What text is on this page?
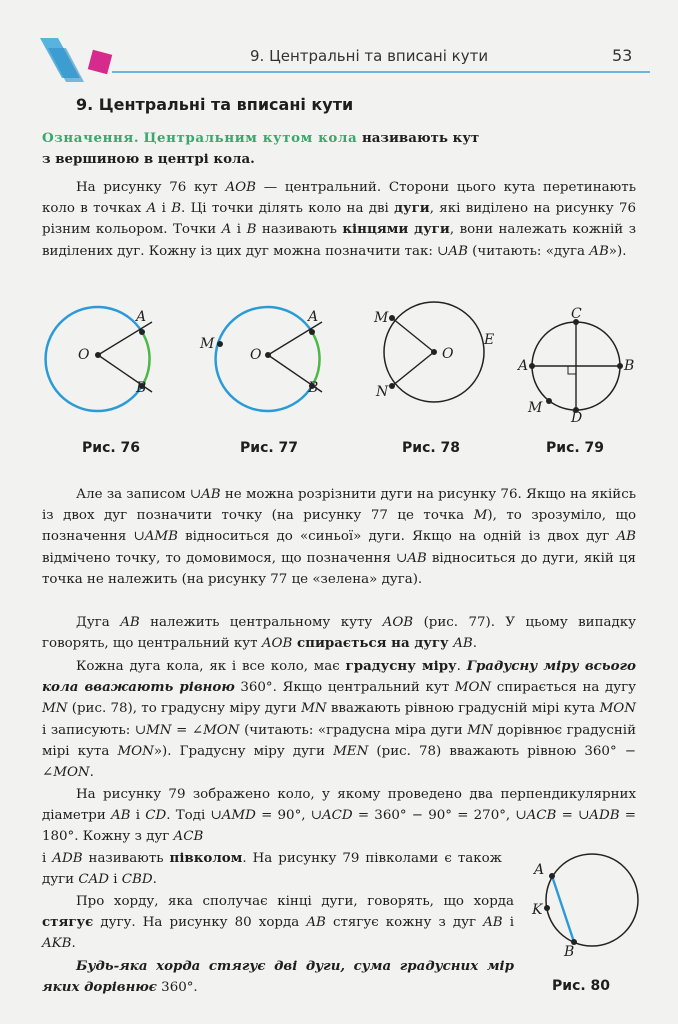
9. Центральні та вписані кути	53
9. Центральні та вписані кути

Означення. Центральним кутом кола називають кут
з вершиною в центрі кола.

На рисунку 76 кут AOB — центральний. Сторони цього кута перетинають коло в точках A і B. Ці точки ділять коло на дві дуги, які виділено на рисунку 76 різним кольором. Точки A і B називають кінцями дуги, вони належать кожній з виділених дуг. Кожну із цих дуг можна позначити так: ∪AB (читають: «дуга AB»).

A
O
B
Рис. 76
M
A
O
B
Рис. 77
M
O
E
N
Рис. 78
C
A	B
M
D
Рис. 79

Але за записом ∪AB не можна розрізнити дуги на рисунку 76. Якщо на якійсь із двох дуг позначити точку (на рисунку 77 це точка M), то зрозуміло, що позначення ∪AMB відноситься до «синьої» дуги. Якщо на одній із двох дуг AB відмічено точку, то домовимося, що позначення ∪AB відноситься до дуги, якій ця точка не належить (на рисунку 77 це «зелена» дуга).

Дуга AB належить центральному куту AOB (рис. 77). У цьому випадку говорять, що центральний кут AOB спирається на дугу AB.

Кожна дуга кола, як і все коло, має градусну міру. Градусну міру всього кола вважають рівною 360°. Якщо центральний кут MON спирається на дугу MN (рис. 78), то градусну міру дуги MN вважають рівною градусній мірі кута MON і записують: ∪MN = ∠MON (читають: «градусна міра дуги MN дорівнює градусній мірі кута MON»). Градусну міру дуги MEN (рис. 78) вважають рівною 360° − ∠MON.

На рисунку 79 зображено коло, у якому проведено два перпендикулярних діаметри AB і CD. Тоді ∪AMD = 90°, ∪ACD = 360° − 90° = 270°, ∪ACB = ∪ADB = 180°. Кожну з дуг ACB

і ADB називають півколом. На рисунку 79 півколами є також дуги CAD і CBD.

Про хорду, яка сполучає кінці дуги, говорять, що хорда стягує дугу. На рисунку 80 хорда AB стягує кожну з дуг AB і AKB.

Будь-яка хорда стягує дві дуги, сума градусних мір яких дорівнює 360°.

A
K
B
Рис. 80
